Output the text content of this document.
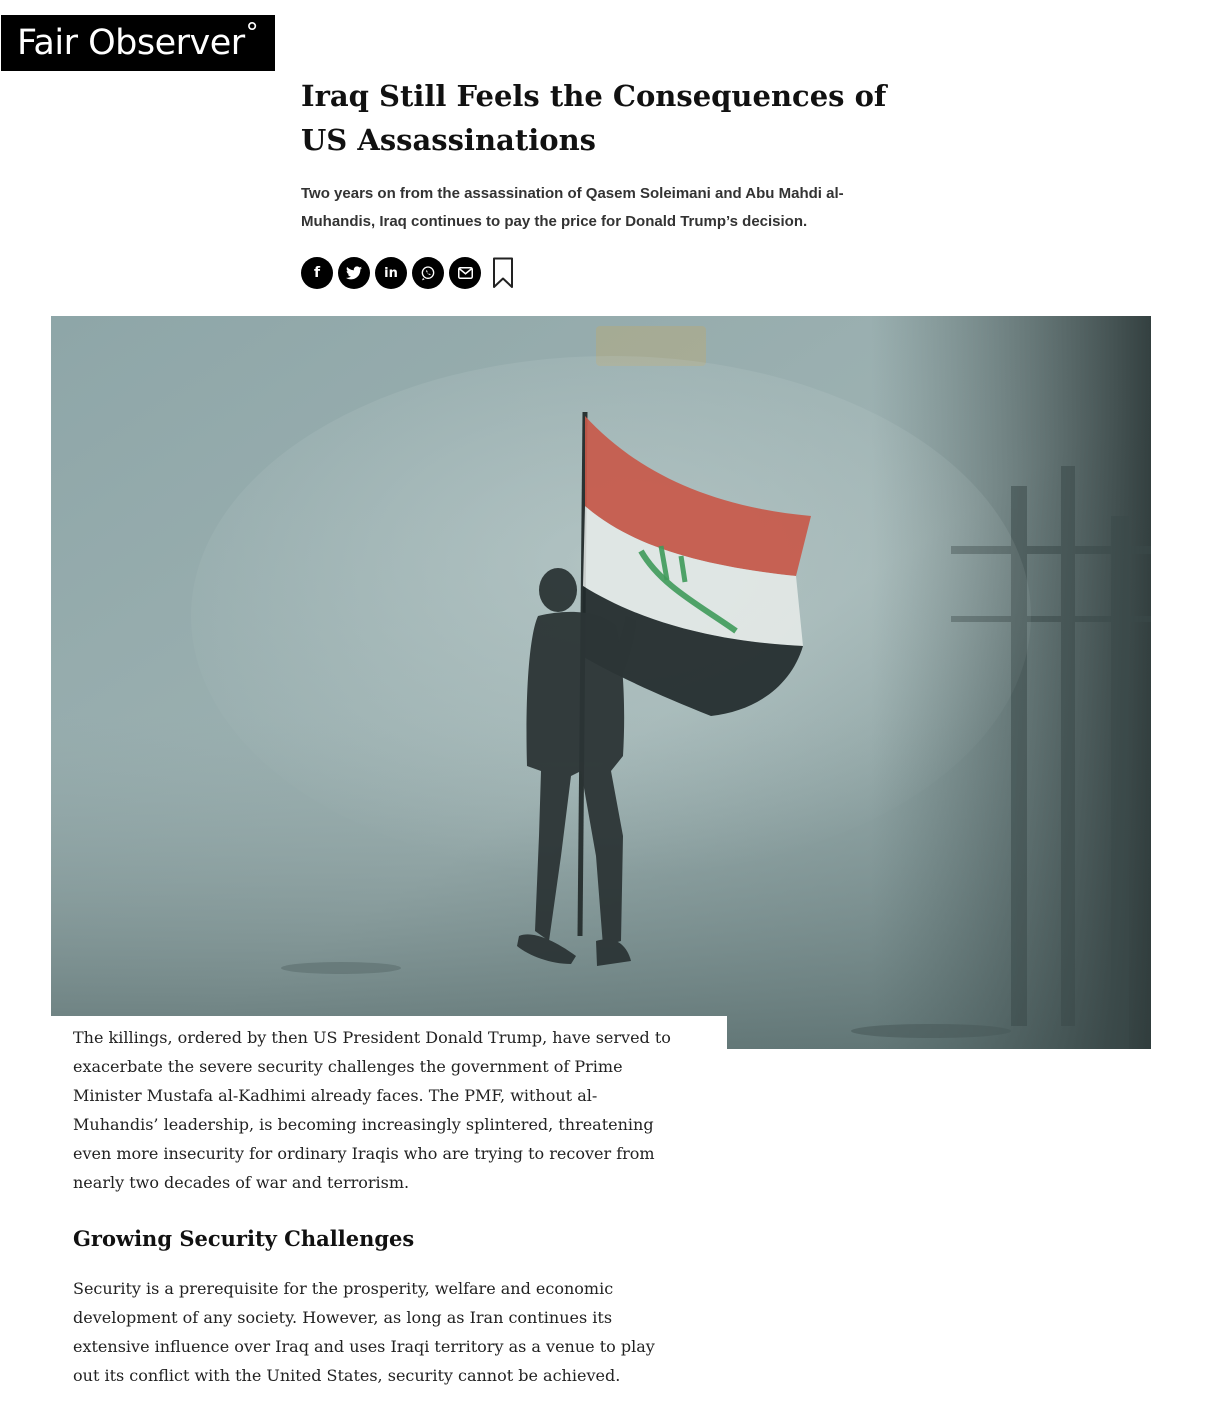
Fair Observer °
Iraq Still Feels the Consequences of US Assassinations

Two years on from the assassination of Qasem Soleimani and Abu Mahdi al-Muhandis, Iraq continues to pay the price for Donald Trump’s decision.

f	in

The killings, ordered by then US President Donald Trump, have served to exacerbate the severe security challenges the government of Prime Minister Mustafa al-Kadhimi already faces. The PMF, without al-Muhandis’ leadership, is becoming increasingly splintered, threatening even more insecurity for ordinary Iraqis who are trying to recover from nearly two decades of war and terrorism.

Growing Security Challenges

Security is a prerequisite for the prosperity, welfare and economic development of any society. However, as long as Iran continues its extensive influence over Iraq and uses Iraqi territory as a venue to play out its conflict with the United States, security cannot be achieved.
